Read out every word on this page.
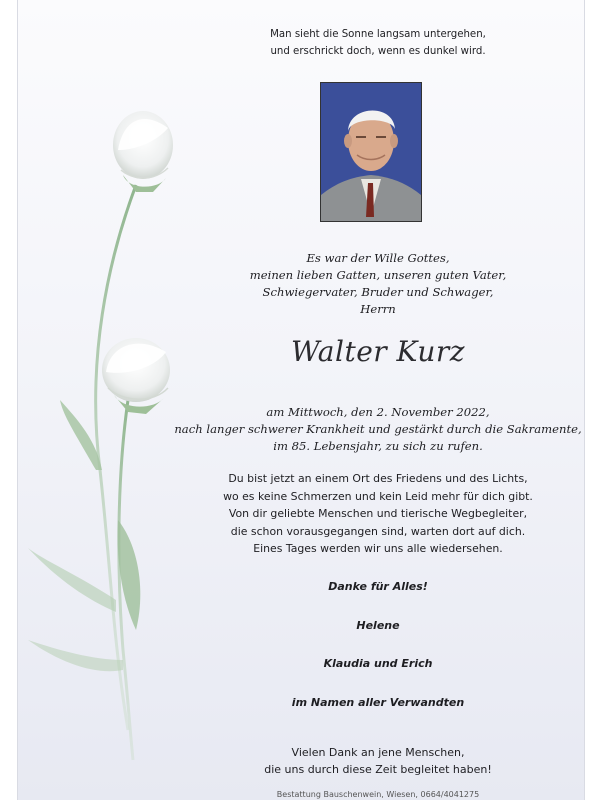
Man sieht die Sonne langsam untergehen,
und erschrickt doch, wenn es dunkel wird.
Es war der Wille Gottes,
meinen lieben Gatten, unseren guten Vater,
Schwiegervater, Bruder und Schwager,
Herrn
Walter Kurz
am Mittwoch, den 2. November 2022,
nach langer schwerer Krankheit und gestärkt durch die Sakramente,
im 85. Lebensjahr, zu sich zu rufen.
Du bist jetzt an einem Ort des Friedens und des Lichts,
wo es keine Schmerzen und kein Leid mehr für dich gibt.
Von dir geliebte Menschen und tierische Wegbegleiter,
die schon vorausgegangen sind, warten dort auf dich.
Eines Tages werden wir uns alle wiedersehen.
Danke für Alles!
Helene
Klaudia und Erich
im Namen aller Verwandten
Vielen Dank an jene Menschen,
die uns durch diese Zeit begleitet haben!
Bestattung Bauschenwein, Wiesen, 0664/4041275
